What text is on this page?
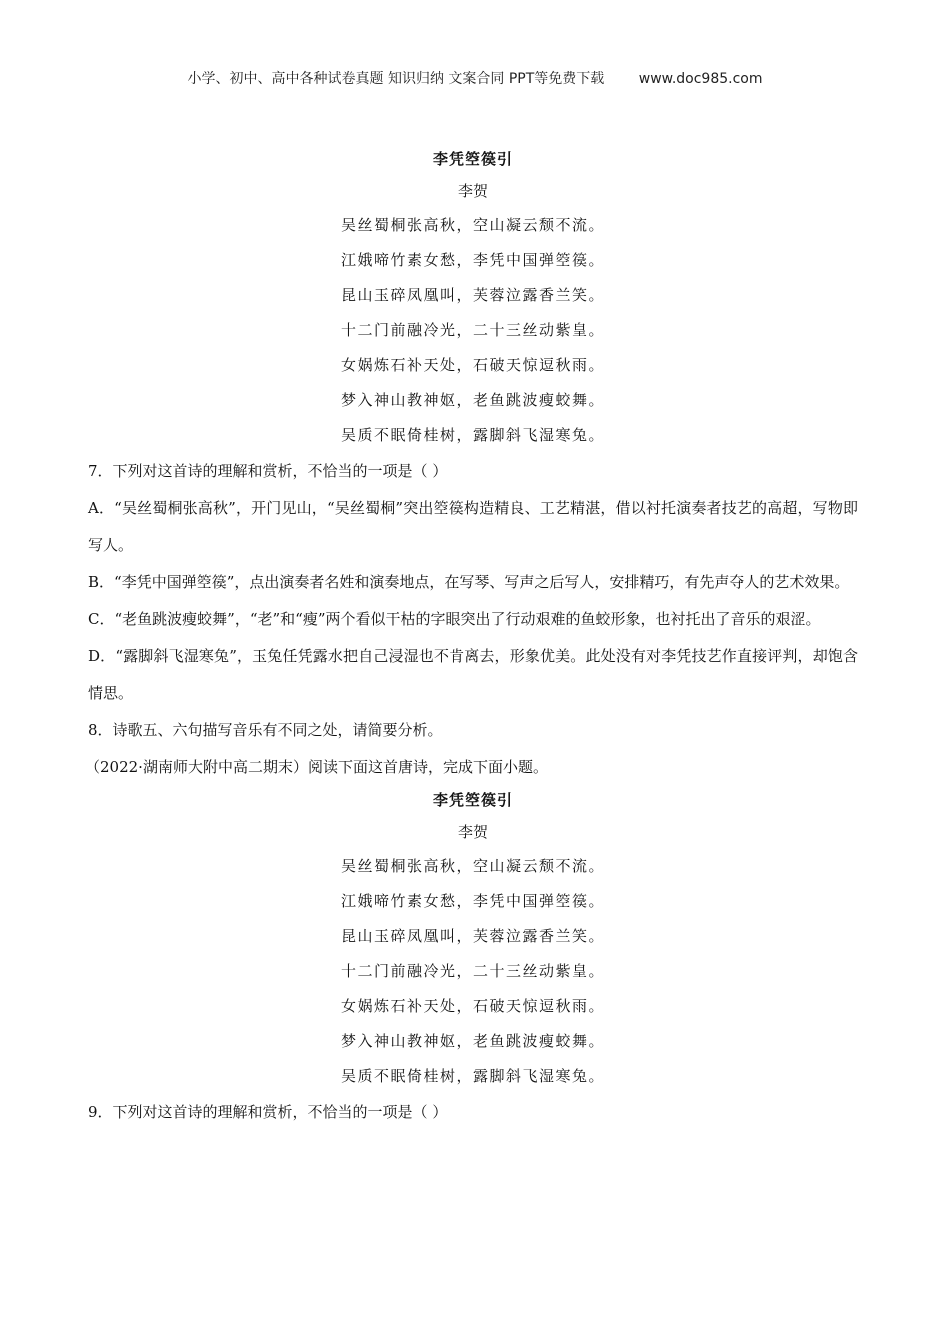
小学、初中、高中各种试卷真题 知识归纳 文案合同 PPT等免费下载 www.doc985.com
李凭箜篌引
李贺
吴丝蜀桐张高秋，空山凝云颓不流。
江娥啼竹素女愁，李凭中国弹箜篌。
昆山玉碎凤凰叫，芙蓉泣露香兰笑。
十二门前融冷光，二十三丝动紫皇。
女娲炼石补天处，石破天惊逗秋雨。
梦入神山教神妪，老鱼跳波瘦蛟舞。
吴质不眠倚桂树，露脚斜飞湿寒兔。
7．下列对这首诗的理解和赏析，不恰当的一项是（ ）
A．“吴丝蜀桐张高秋”，开门见山，“吴丝蜀桐”突出箜篌构造精良、工艺精湛，借以衬托演奏者技艺的高超，写物即写人。
B．“李凭中国弹箜篌”，点出演奏者名姓和演奏地点，在写琴、写声之后写人，安排精巧，有先声夺人的艺术效果。
C．“老鱼跳波瘦蛟舞”，“老”和“瘦”两个看似干枯的字眼突出了行动艰难的鱼蛟形象，也衬托出了音乐的艰涩。
D．“露脚斜飞湿寒兔”，玉兔任凭露水把自己浸湿也不肯离去，形象优美。此处没有对李凭技艺作直接评判，却饱含情思。
8．诗歌五、六句描写音乐有不同之处，请简要分析。
（2022·湖南师大附中高二期末）阅读下面这首唐诗，完成下面小题。
李凭箜篌引
李贺
吴丝蜀桐张高秋，空山凝云颓不流。
江娥啼竹素女愁，李凭中国弹箜篌。
昆山玉碎凤凰叫，芙蓉泣露香兰笑。
十二门前融冷光，二十三丝动紫皇。
女娲炼石补天处，石破天惊逗秋雨。
梦入神山教神妪，老鱼跳波瘦蛟舞。
吴质不眠倚桂树，露脚斜飞湿寒兔。
9．下列对这首诗的理解和赏析，不恰当的一项是（ ）
